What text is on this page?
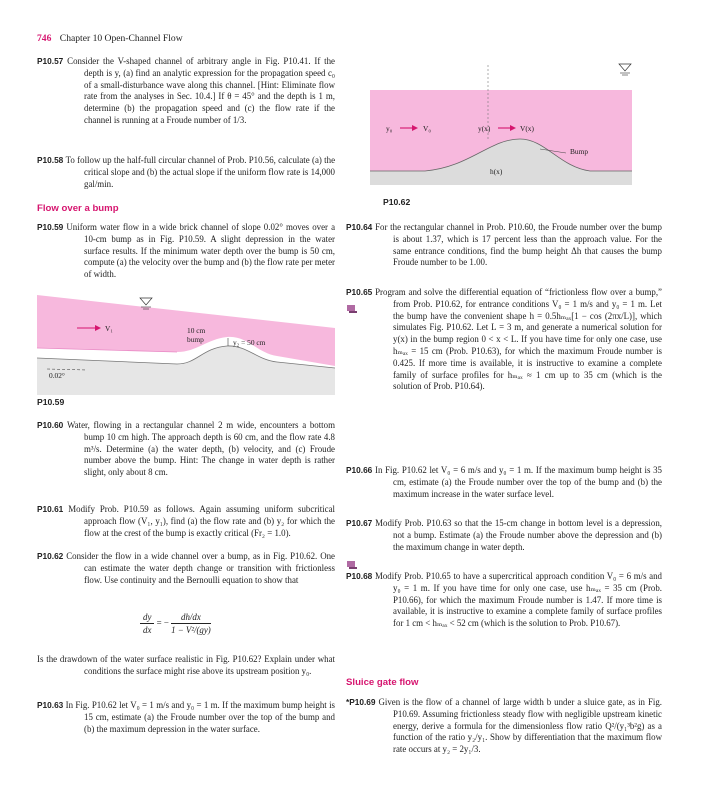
746 Chapter 10 Open-Channel Flow

P10.57 Consider the V-shaped channel of arbitrary angle in Fig. P10.41. If the depth is y, (a) find an analytic expression for the propagation speed c₀ of a small-disturbance wave along this channel. [Hint: Eliminate flow rate from the analyses in Sec. 10.4.] If θ = 45° and the depth is 1 m, determine (b) the propagation speed and (c) the flow rate if the channel is running at a Froude number of 1/3.

P10.58 To follow up the half-full circular channel of Prob. P10.56, calculate (a) the critical slope and (b) the actual slope if the uniform flow rate is 14,000 gal/min.

Flow over a bump

P10.59 Uniform water flow in a wide brick channel of slope 0.02° moves over a 10-cm bump as in Fig. P10.59. A slight depression in the water surface results. If the minimum water depth over the bump is 50 cm, compute (a) the velocity over the bump and (b) the flow rate per meter of width.

V₁	10 cm
bump	y₂ = 50 cm
0.02°
P10.59

P10.60 Water, flowing in a rectangular channel 2 m wide, encounters a bottom bump 10 cm high. The approach depth is 60 cm, and the flow rate 4.8 m³/s. Determine (a) the water depth, (b) velocity, and (c) Froude number above the bump. Hint: The change in water depth is rather slight, only about 8 cm.

P10.61 Modify Prob. P10.59 as follows. Again assuming uniform subcritical approach flow (V₁, y₁), find (a) the flow rate and (b) y₂ for which the flow at the crest of the bump is exactly critical (Fr₂ = 1.0).

P10.62 Consider the flow in a wide channel over a bump, as in Fig. P10.62. One can estimate the water depth change or transition with frictionless flow. Use continuity and the Bernoulli equation to show that

$\frac{dy}{dx}$ = − $\frac{dh/dx}{\text{1 − V²/(gy)}}$

Is the drawdown of the water surface realistic in Fig. P10.62? Explain under what conditions the surface might rise above its upstream position y₀.

P10.63 In Fig. P10.62 let V₀ = 1 m/s and y₀ = 1 m. If the maximum bump height is 15 cm, estimate (a) the Froude number over the top of the bump and (b) the maximum depression in the water surface.

y₀	V₀	y(x)	V(x)
Bump
h(x)
P10.62

P10.64 For the rectangular channel in Prob. P10.60, the Froude number over the bump is about 1.37, which is 17 percent less than the approach value. For the same entrance conditions, find the bump height Δh that causes the bump Froude number to be 1.00.

P10.65 Program and solve the differential equation of “frictionless flow over a bump,” from Prob. P10.62, for entrance conditions V₀ = 1 m/s and y₀ = 1 m. Let the bump have the convenient shape h = 0.5hₘₐₓ[1 − cos (2πx/L)], which simulates Fig. P10.62. Let L = 3 m, and generate a numerical solution for y(x) in the bump region 0 < x < L. If you have time for only one case, use hₘₐₓ = 15 cm (Prob. P10.63), for which the maximum Froude number is 0.425. If more time is available, it is instructive to examine a complete family of surface profiles for hₘₐₓ ≈ 1 cm up to 35 cm (which is the solution of Prob. P10.64).

P10.66 In Fig. P10.62 let V₀ = 6 m/s and y₀ = 1 m. If the maximum bump height is 35 cm, estimate (a) the Froude number over the top of the bump and (b) the maximum increase in the water surface level.

P10.67 Modify Prob. P10.63 so that the 15-cm change in bottom level is a depression, not a bump. Estimate (a) the Froude number above the depression and (b) the maximum change in water depth.

P10.68 Modify Prob. P10.65 to have a supercritical approach condition V₀ = 6 m/s and y₀ = 1 m. If you have time for only one case, use hₘₐₓ = 35 cm (Prob. P10.66), for which the maximum Froude number is 1.47. If more time is available, it is instructive to examine a complete family of surface profiles for 1 cm < hₘₐₓ < 52 cm (which is the solution to Prob. P10.67).

Sluice gate flow

*P10.69 Given is the flow of a channel of large width b under a sluice gate, as in Fig. P10.69. Assuming frictionless steady flow with negligible upstream kinetic energy, derive a formula for the dimensionless flow ratio Q²/(y₁³b²g) as a function of the ratio y₂/y₁. Show by differentiation that the maximum flow rate occurs at y₂ = 2y₁/3.
